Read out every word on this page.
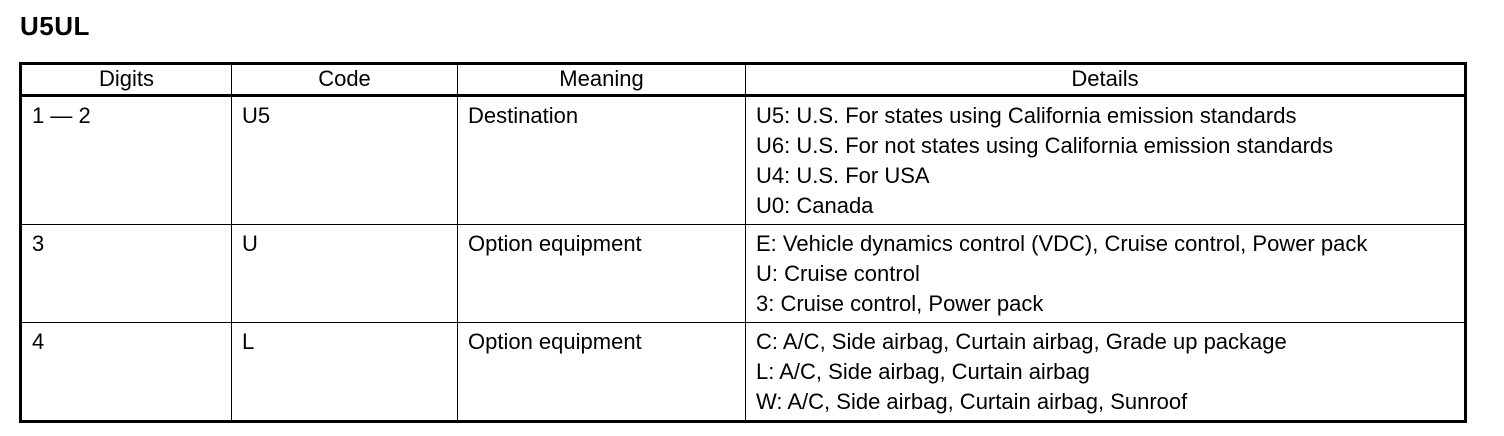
U5UL
Digits	Code	Meaning	Details
1 — 2	U5	Destination	U5: U.S. For states using California emission standards
U6: U.S. For not states using California emission standards
U4: U.S. For USA
U0: Canada

3	U	Option equipment	E: Vehicle dynamics control (VDC), Cruise control, Power pack
U: Cruise control
3: Cruise control, Power pack

4	L	Option equipment	C: A/C, Side airbag, Curtain airbag, Grade up package
L: A/C, Side airbag, Curtain airbag
W: A/C, Side airbag, Curtain airbag, Sunroof
